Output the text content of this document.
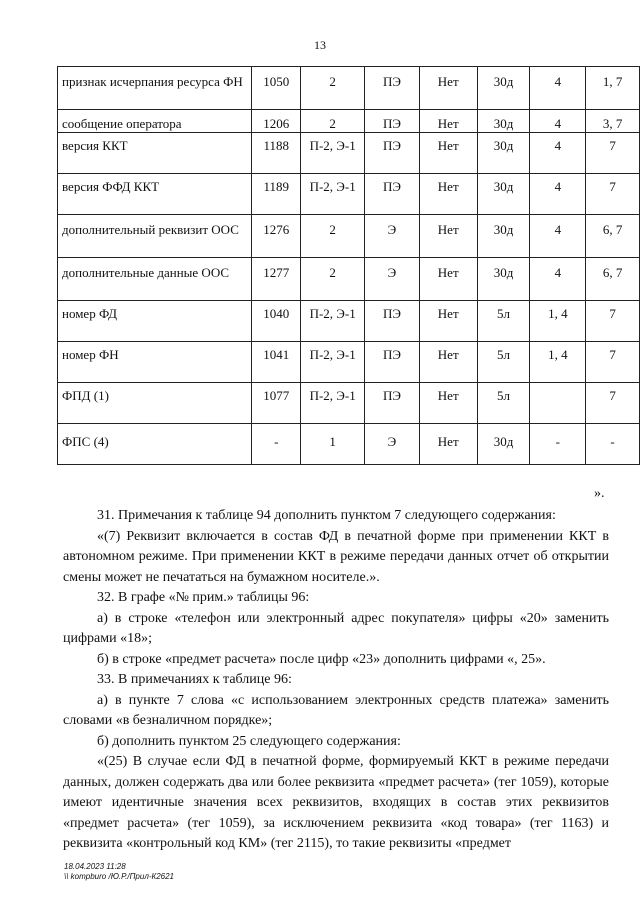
13
признак исчерпания ресурса ФН	1050	2	ПЭ	Нет	30д	4	1, 7
сообщение оператора	1206	2	ПЭ	Нет	30д	4	3, 7
версия ККТ	1188	П-2, Э-1	ПЭ	Нет	30д	4	7
версия ФФД ККТ	1189	П-2, Э-1	ПЭ	Нет	30д	4	7
дополнительный реквизит ООС	1276	2	Э	Нет	30д	4	6, 7
дополнительные данные ООС	1277	2	Э	Нет	30д	4	6, 7
номер ФД	1040	П-2, Э-1	ПЭ	Нет	5л	1, 4	7
номер ФН	1041	П-2, Э-1	ПЭ	Нет	5л	1, 4	7
ФПД (1)	1077	П-2, Э-1	ПЭ	Нет	5л		7
ФПС (4)	-	1	Э	Нет	30д	-	-
».

31. Примечания к таблице 94 дополнить пунктом 7 следующего содержания:

«(7) Реквизит включается в состав ФД в печатной форме при применении ККТ в автономном режиме. При применении ККТ в режиме передачи данных отчет об открытии смены может не печататься на бумажном носителе.».

32. В графе «№ прим.» таблицы 96:

а) в строке «телефон или электронный адрес покупателя» цифры «20» заменить цифрами «18»;

б) в строке «предмет расчета» после цифр «23» дополнить цифрами «, 25».

33. В примечаниях к таблице 96:

а) в пункте 7 слова «с использованием электронных средств платежа» заменить словами «в безналичном порядке»;

б) дополнить пунктом 25 следующего содержания:

«(25) В случае если ФД в печатной форме, формируемый ККТ в режиме передачи данных, должен содержать два или более реквизита «предмет расчета» (тег 1059), которые имеют идентичные значения всех реквизитов, входящих в состав этих реквизитов «предмет расчета» (тег 1059), за исключением реквизита «код товара» (тег 1163) и реквизита «контрольный код КМ» (тег 2115), то такие реквизиты «предмет

18.04.2023 11:28
\\ kompburo /Ю.Р./Прил-К2621
